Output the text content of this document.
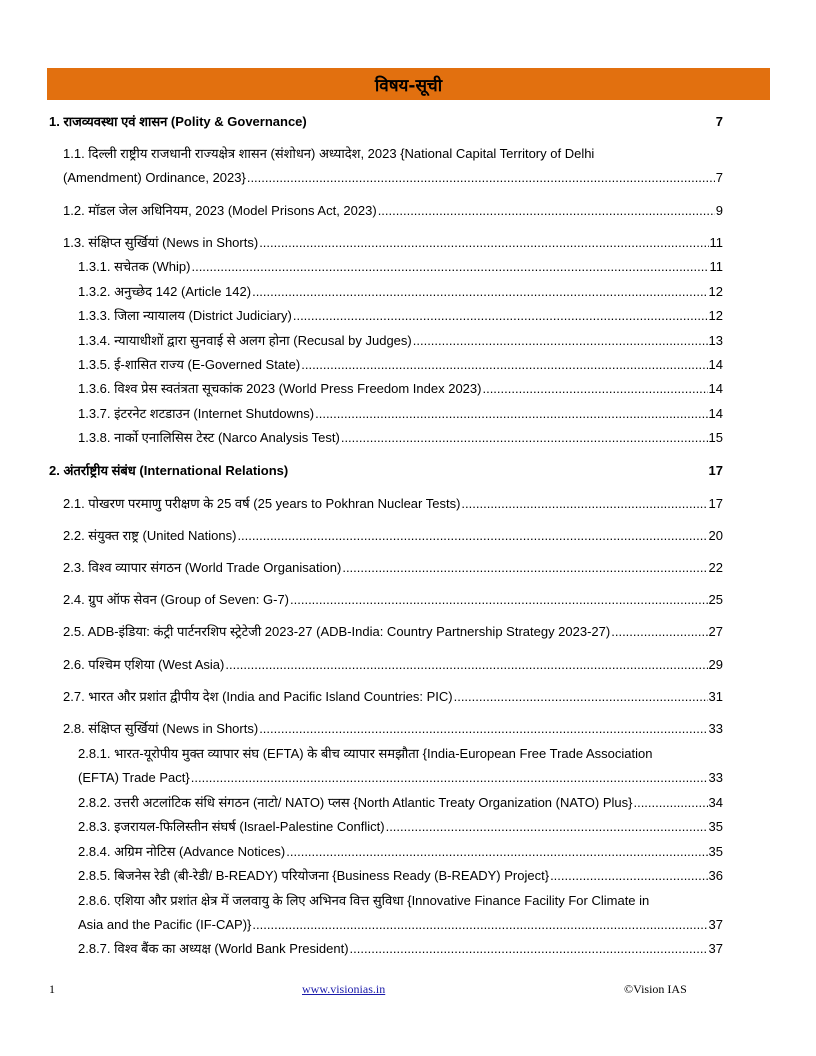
विषय-सूची
1. राजव्यवस्था एवं शासन (Polity & Governance)	7
1.1. दिल्ली राष्ट्रीय राजधानी राज्यक्षेत्र शासन (संशोधन) अध्यादेश, 2023 {National Capital Territory of Delhi
(Amendment) Ordinance, 2023} .....	7
1.2. मॉडल जेल अधिनियम, 2023 (Model Prisons Act, 2023) .....	9
1.3. संक्षिप्त सुर्खियां (News in Shorts) .....	11
1.3.1. सचेतक (Whip) .....	11
1.3.2. अनुच्छेद 142 (Article 142) .....	12
1.3.3. जिला न्यायालय (District Judiciary) .....	12
1.3.4. न्यायाधीशों द्वारा सुनवाई से अलग होना (Recusal by Judges) .....	13
1.3.5. ई-शासित राज्य (E-Governed State) .....	14
1.3.6. विश्व प्रेस स्वतंत्रता सूचकांक 2023 (World Press Freedom Index 2023) .....	14
1.3.7. इंटरनेट शटडाउन (Internet Shutdowns) .....	14
1.3.8. नार्को एनालिसिस टेस्ट (Narco Analysis Test) .....	15
2. अंतर्राष्ट्रीय संबंध (International Relations)	17
2.1. पोखरण परमाणु परीक्षण के 25 वर्ष (25 years to Pokhran Nuclear Tests) .....	17
2.2. संयुक्त राष्ट्र (United Nations) .....	20
2.3. विश्व व्यापार संगठन (World Trade Organisation) .....	22
2.4. ग्रुप ऑफ सेवन (Group of Seven: G-7) .....	25
2.5. ADB-इंडिया: कंट्री पार्टनरशिप स्ट्रेटेजी 2023-27 (ADB-India: Country Partnership Strategy 2023-27) .....	27
2.6. पश्चिम एशिया (West Asia) .....	29
2.7. भारत और प्रशांत द्वीपीय देश (India and Pacific Island Countries: PIC) .....	31
2.8. संक्षिप्त सुर्खियां (News in Shorts) .....	33
2.8.1. भारत-यूरोपीय मुक्त व्यापार संघ (EFTA) के बीच व्यापार समझौता {India-European Free Trade Association
(EFTA) Trade Pact} .....	33
2.8.2. उत्तरी अटलांटिक संधि संगठन (नाटो/ NATO) प्लस {North Atlantic Treaty Organization (NATO) Plus} .....	34
2.8.3. इजरायल-फिलिस्तीन संघर्ष (Israel-Palestine Conflict) .....	35
2.8.4. अग्रिम नोटिस (Advance Notices) .....	35
2.8.5. बिजनेस रेडी (बी-रेडी/ B-READY) परियोजना {Business Ready (B-READY) Project} .....	36
2.8.6. एशिया और प्रशांत क्षेत्र में जलवायु के लिए अभिनव वित्त सुविधा {Innovative Finance Facility For Climate in
Asia and the Pacific (IF-CAP)} .....	37
2.8.7. विश्व बैंक का अध्यक्ष (World Bank President) .....	37
1	www.visionias.in	©Vision IAS
